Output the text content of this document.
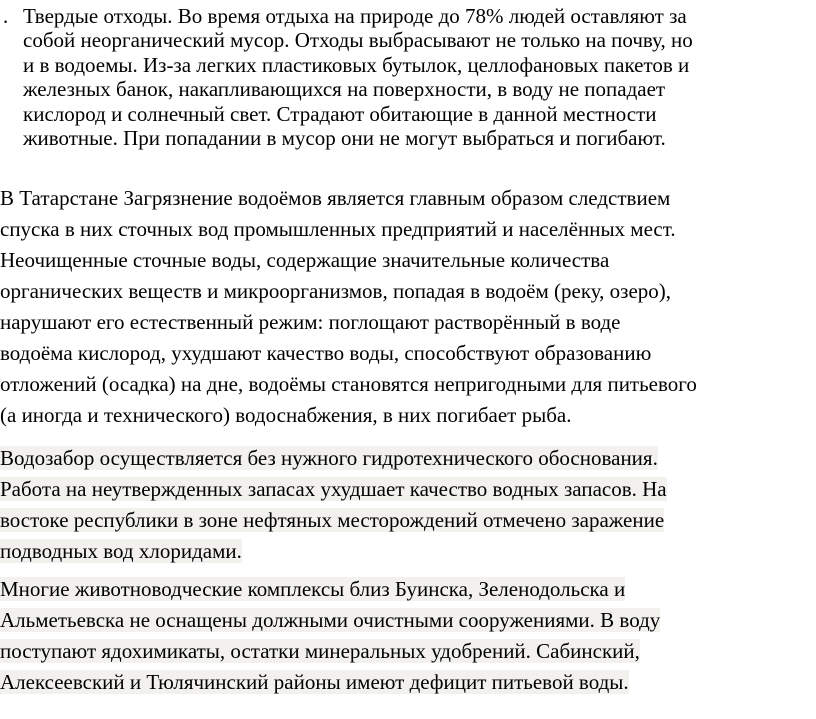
. Твердые отходы. Во время отдыха на природе до 78% людей оставляют за
собой неорганический мусор. Отходы выбрасывают не только на почву, но
и в водоемы. Из-за легких пластиковых бутылок, целлофановых пакетов и
железных банок, накапливающихся на поверхности, в воду не попадает
кислород и солнечный свет. Страдают обитающие в данной местности
животные. При попадании в мусор они не могут выбраться и погибают.
В Татарстане Загрязнение водоёмов является главным образом следствием
спуска в них сточных вод промышленных предприятий и населённых мест.
Неочищенные сточные воды, содержащие значительные количества
органических веществ и микроорганизмов, попадая в водоём (реку, озеро),
нарушают его естественный режим: поглощают растворённый в воде
водоёма кислород, ухудшают качество воды, способствуют образованию
отложений (осадка) на дне, водоёмы становятся непригодными для питьевого
(а иногда и технического) водоснабжения, в них погибает рыба.
Водозабор осуществляется без нужного гидротехнического обоснования.
Работа на неутвержденных запасах ухудшает качество водных запасов. На
востоке республики в зоне нефтяных месторождений отмечено заражение
подводных вод хлоридами.
Многие животноводческие комплексы близ Буинска, Зеленодольска и
Альметьевска не оснащены должными очистными сооружениями. В воду
поступают ядохимикаты, остатки минеральных удобрений. Сабинский,
Алексеевский и Тюлячинский районы имеют дефицит питьевой воды.
